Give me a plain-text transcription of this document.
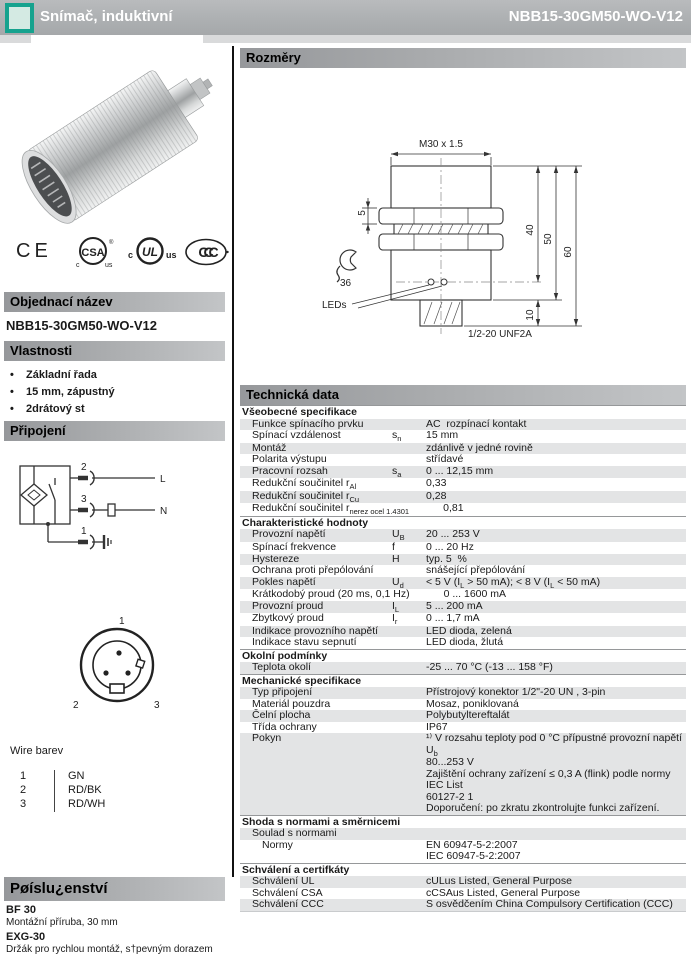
Snímač, induktivní	NBB15-30GM50-WO-V12
CE	CSA
®
c	us
UL
c	us CCC
Objednací název
NBB15-30GM50-WO-V12
Vlastnosti
•	Základní řada
•	15 mm, zápustný
•	2drátový st
Připojení
2
3
1
L
N
1
2	3
Wire barev
1	GN
2	RD/BK
3	RD/WH
Pøíslu¿enství
BF 30
Montážní příruba, 30 mm
EXG-30
Držák pro rychlou montáž, s†pevným dorazem
Rozměry
M30 x 1.5
5
36
LEDs
1/2-20 UNF2A
40
50
60
10
Technická data
Všeobecné specifikace
Funkce spínacího prvku	AC  rozpínací kontakt
Spínací vzdálenost	$s_n$	15 mm
Montáž	zdánlivě v jedné rovině
Polarita výstupu	střídavé
Pracovní rozsah	$s_a$	0 ... 12,15 mm
Redukční součinitel $r_{Al}$	0,33
Redukční součinitel $r_{Cu}$	0,28
Redukční součinitel $r_{nerez ocel 1.4301}$	0,81
Charakteristické hodnoty
Provozní napětí	$U_B$	20 ... 253 V
Spínací frekvence	f	0 ... 20 Hz
Hystereze	H	typ. 5  %
Ochrana proti přepólování	snášející přepólování
Pokles napětí	$U_d$	< 5 V ($I_L > 50$ mA); < 8 V ($I_L < 50$ mA)
Krátkodobý proud (20 ms, 0,1 Hz)	0 ... 1600 mA
Provozní proud	$I_L$	5 ... 200 mA
Zbytkový proud	$I_r$	0 ... 1,7 mA
Indikace provozního napětí	LED dioda, zelená
Indikace stavu sepnutí	LED dioda, žlutá
Okolní podmínky
Teplota okolí	-25 ... 70 °C (-13 ... 158 °F)
Mechanické specifikace
Typ připojení	Přístrojový konektor 1/2"-20 UN , 3-pin
Materiál pouzdra	Mosaz, poniklovaná
Čelní plocha	Polybutyltereftalát
Třída ochrany	IP67
Pokyn	¹⁾ V rozsahu teploty pod 0 °C přípustné provozní napětí $U_b$
80...253 V
Zajištění ochrany zařízení ≤ 0,3 A (flink) podle normy IEC List
60127-2 1
Doporučení: po zkratu zkontrolujte funkci zařízení.
Shoda s normami a směrnicemi
Soulad s normami
Normy	EN 60947-5-2:2007
IEC 60947-5-2:2007
Schválení a certifkáty
Schválení UL	cULus Listed, General Purpose
Schválení CSA	cCSAus Listed, General Purpose
Schválení CCC	S osvědčením China Compulsory Certification (CCC)
